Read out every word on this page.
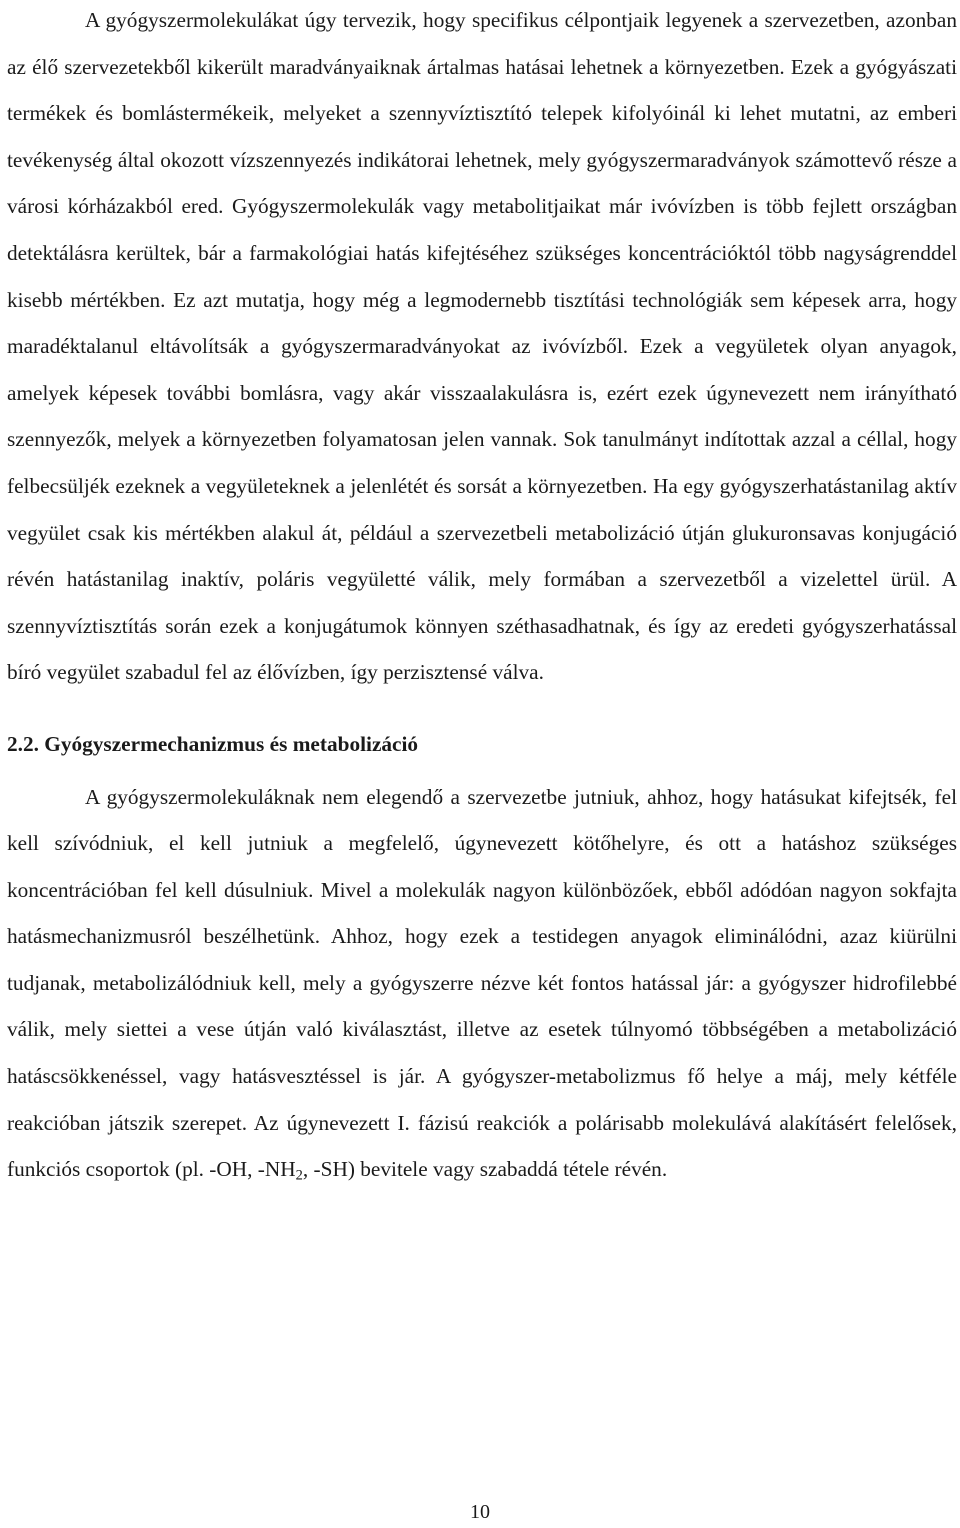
A gyógyszermolekulákat úgy tervezik, hogy specifikus célpontjaik legyenek a szervezetben, azonban az élő szervezetekből kikerült maradványaiknak ártalmas hatásai lehetnek a környezetben. Ezek a gyógyászati termékek és bomlástermékeik, melyeket a szennyvíztisztító telepek kifolyóinál ki lehet mutatni, az emberi tevékenység által okozott vízszennyezés indikátorai lehetnek, mely gyógyszermaradványok számottevő része a városi kórházakból ered. Gyógyszermolekulák vagy metabolitjaikat már ivóvízben is több fejlett országban detektálásra kerültek, bár a farmakológiai hatás kifejtéséhez szükséges koncentrációktól több nagyságrenddel kisebb mértékben. Ez azt mutatja, hogy még a legmodernebb tisztítási technológiák sem képesek arra, hogy maradéktalanul eltávolítsák a gyógyszermaradványokat az ivóvízből. Ezek a vegyületek olyan anyagok, amelyek képesek további bomlásra, vagy akár visszaalakulásra is, ezért ezek úgynevezett nem irányítható szennyezők, melyek a környezetben folyamatosan jelen vannak. Sok tanulmányt indítottak azzal a céllal, hogy felbecsüljék ezeknek a vegyületeknek a jelenlétét és sorsát a környezetben. Ha egy gyógyszerhatástanilag aktív vegyület csak kis mértékben alakul át, például a szervezetbeli metabolizáció útján glukuronsavas konjugáció révén hatástanilag inaktív, poláris vegyületté válik, mely formában a szervezetből a vizelettel ürül. A szennyvíztisztítás során ezek a konjugátumok könnyen széthasadhatnak, és így az eredeti gyógyszerhatással bíró vegyület szabadul fel az élővízben, így perzisztensé válva.

2.2. Gyógyszermechanizmus és metabolizáció

A gyógyszermolekuláknak nem elegendő a szervezetbe jutniuk, ahhoz, hogy hatásukat kifejtsék, fel kell szívódniuk, el kell jutniuk a megfelelő, úgynevezett kötőhelyre, és ott a hatáshoz szükséges koncentrációban fel kell dúsulniuk. Mivel a molekulák nagyon különbözőek, ebből adódóan nagyon sokfajta hatásmechanizmusról beszélhetünk. Ahhoz, hogy ezek a testidegen anyagok eliminálódni, azaz kiürülni tudjanak, metabolizálódniuk kell, mely a gyógyszerre nézve két fontos hatással jár: a gyógyszer hidrofilebbé válik, mely siettei a vese útján való kiválasztást, illetve az esetek túlnyomó többségében a metabolizáció hatáscsökkenéssel, vagy hatásvesztéssel is jár. A gyógyszer-metabolizmus fő helye a máj, mely kétféle reakcióban játszik szerepet. Az úgynevezett I. fázisú reakciók a polárisabb molekulává alakításért felelősek, funkciós csoportok (pl. -OH, $-NH_2$, -SH) bevitele vagy szabaddá tétele révén.

10
